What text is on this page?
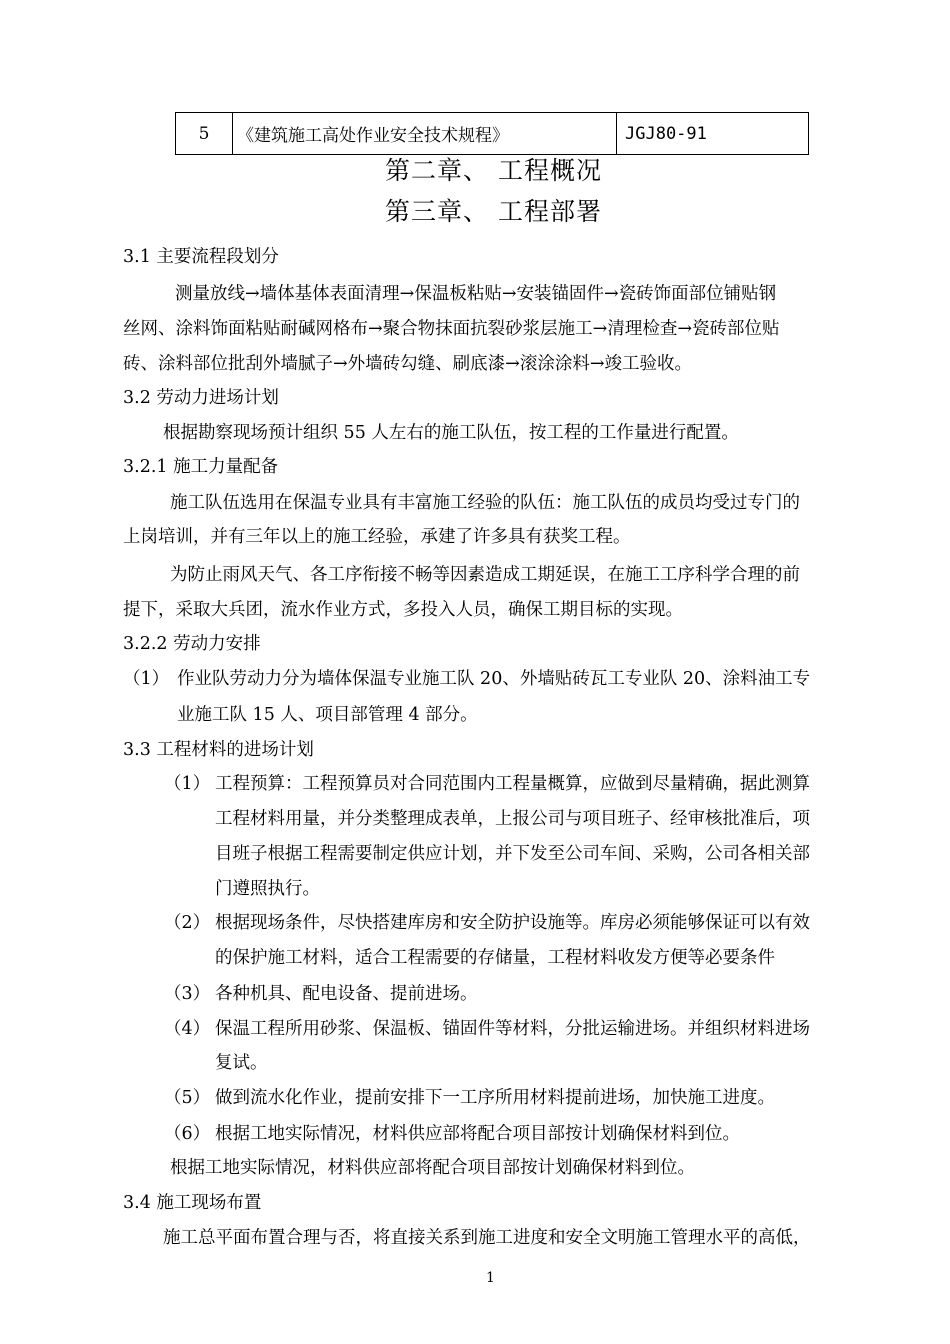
5	《建筑施工高处作业安全技术规程》	JGJ80-91
第二章、 工程概况
第三章、 工程部署
3.1 主要流程段划分
测量放线→墙体基体表面清理→保温板粘贴→安装锚固件→瓷砖饰面部位铺贴钢
丝网、涂料饰面粘贴耐碱网格布→聚合物抹面抗裂砂浆层施工→清理检查→瓷砖部位贴
砖、涂料部位批刮外墙腻子→外墙砖勾缝、刷底漆→滚涂涂料→竣工验收。
3.2 劳动力进场计划
根据勘察现场预计组织 55 人左右的施工队伍，按工程的工作量进行配置。
3.2.1 施工力量配备
施工队伍选用在保温专业具有丰富施工经验的队伍：施工队伍的成员均受过专门的
上岗培训，并有三年以上的施工经验，承建了许多具有获奖工程。
为防止雨风天气、各工序衔接不畅等因素造成工期延误，在施工工序科学合理的前
提下，采取大兵团，流水作业方式，多投入人员，确保工期目标的实现。
3.2.2 劳动力安排
（1） 作业队劳动力分为墙体保温专业施工队 20、外墙贴砖瓦工专业队 20、涂料油工专
业施工队 15 人、项目部管理 4 部分。
3.3 工程材料的进场计划
（1） 工程预算：工程预算员对合同范围内工程量概算，应做到尽量精确，据此测算
工程材料用量，并分类整理成表单，上报公司与项目班子、经审核批准后，项
目班子根据工程需要制定供应计划，并下发至公司车间、采购，公司各相关部
门遵照执行。
（2） 根据现场条件，尽快搭建库房和安全防护设施等。库房必须能够保证可以有效
的保护施工材料，适合工程需要的存储量，工程材料收发方便等必要条件
（3） 各种机具、配电设备、提前进场。
（4） 保温工程所用砂浆、保温板、锚固件等材料，分批运输进场。并组织材料进场
复试。
（5） 做到流水化作业，提前安排下一工序所用材料提前进场，加快施工进度。
（6） 根据工地实际情况，材料供应部将配合项目部按计划确保材料到位。
根据工地实际情况，材料供应部将配合项目部按计划确保材料到位。
3.4 施工现场布置
施工总平面布置合理与否，将直接关系到施工进度和安全文明施工管理水平的高低，
1
